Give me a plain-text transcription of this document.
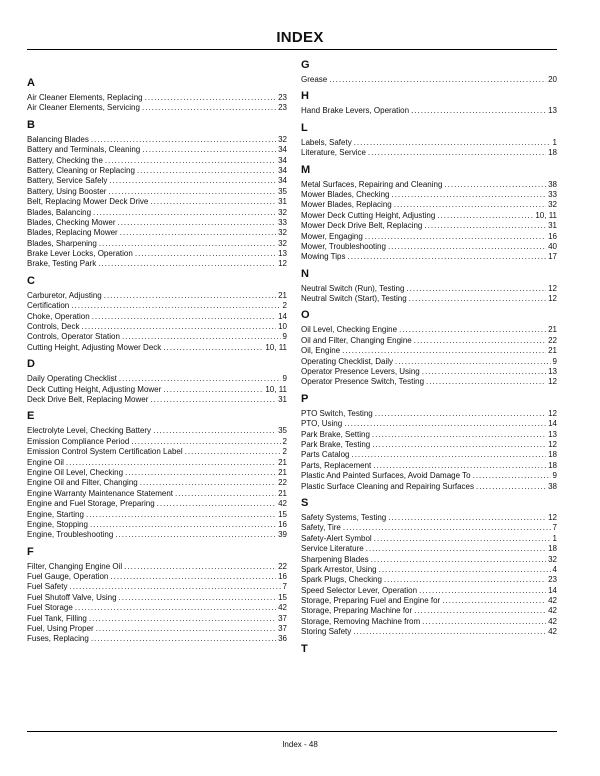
INDEX
A
Air Cleaner Elements, Replacing .....	23
Air Cleaner Elements, Servicing .....	23
B
Balancing Blades .....	32
Battery and Terminals, Cleaning .....	34
Battery, Checking the .....	34
Battery, Cleaning or Replacing .....	34
Battery, Service Safely .....	34
Battery, Using Booster .....	35
Belt, Replacing Mower Deck Drive .....	31
Blades, Balancing .....	32
Blades, Checking Mower .....	33
Blades, Replacing Mower .....	32
Blades, Sharpening .....	32
Brake Lever Locks, Operation .....	13
Brake, Testing Park .....	12
C
Carburetor, Adjusting .....	21
Certification .....	2
Choke, Operation .....	14
Controls, Deck .....	10
Controls, Operator Station .....	9
Cutting Height, Adjusting Mower Deck .....	10, 11
D
Daily Operating Checklist .....	9
Deck Cutting Height, Adjusting Mower .....	10, 11
Deck Drive Belt, Replacing Mower .....	31
E
Electrolyte Level, Checking Battery .....	35
Emission Compliance Period .....	2
Emission Control System Certification Label .....	2
Engine Oil .....	21
Engine Oil Level, Checking .....	21
Engine Oil and Filter, Changing .....	22
Engine Warranty Maintenance Statement .....	21
Engine and Fuel Storage, Preparing .....	42
Engine, Starting .....	15
Engine, Stopping .....	16
Engine, Troubleshooting .....	39
F
Filter, Changing Engine Oil .....	22
Fuel Gauge, Operation .....	16
Fuel Safety .....	7
Fuel Shutoff Valve, Using .....	15
Fuel Storage .....	42
Fuel Tank, Filling .....	37
Fuel, Using Proper .....	37
Fuses, Replacing .....	36
G
Grease .....	20
H
Hand Brake Levers, Operation .....	13
L
Labels, Safety .....	1
Literature, Service .....	18
M
Metal Surfaces, Repairing and Cleaning .....	38
Mower Blades, Checking .....	33
Mower Blades, Replacing .....	32
Mower Deck Cutting Height, Adjusting .....	10, 11
Mower Deck Drive Belt, Replacing .....	31
Mower, Engaging .....	16
Mower, Troubleshooting .....	40
Mowing Tips .....	17
N
Neutral Switch (Run), Testing .....	12
Neutral Switch (Start), Testing .....	12
O
Oil Level, Checking Engine .....	21
Oil and Filter, Changing Engine .....	22
Oil, Engine .....	21
Operating Checklist, Daily .....	9
Operator Presence Levers, Using .....	13
Operator Presence Switch, Testing .....	12
P
PTO Switch, Testing .....	12
PTO, Using .....	14
Park Brake, Setting .....	13
Park Brake, Testing .....	12
Parts Catalog .....	18
Parts, Replacement .....	18
Plastic And Painted Surfaces, Avoid Damage To .....	9
Plastic Surface Cleaning and Repairing Surfaces .....	38
S
Safety Systems, Testing .....	12
Safety, Tire .....	7
Safety-Alert Symbol .....	1
Service Literature .....	18
Sharpening Blades .....	32
Spark Arrestor, Using .....	4
Spark Plugs, Checking .....	23
Speed Selector Lever, Operation .....	14
Storage, Preparing Fuel and Engine for .....	42
Storage, Preparing Machine for .....	42
Storage, Removing Machine from .....	42
Storing Safety .....	42
T
Index - 48
